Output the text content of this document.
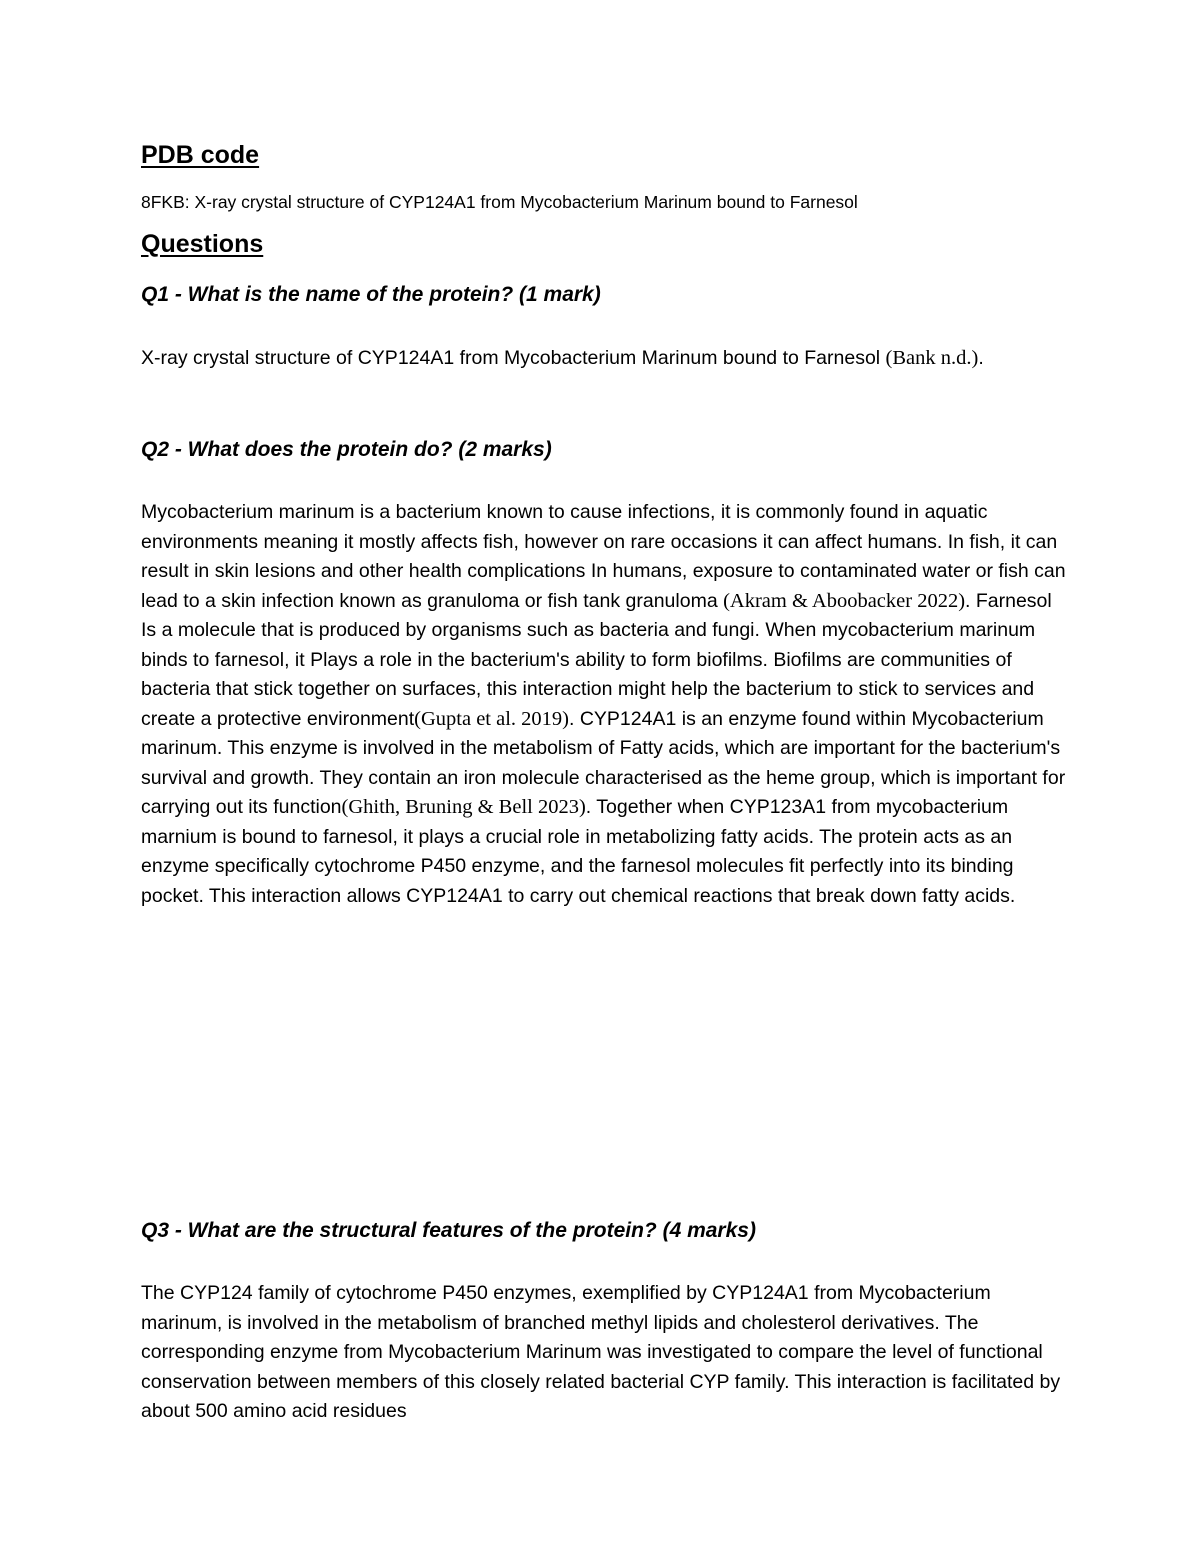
PDB code

8FKB: X-ray crystal structure of CYP124A1 from Mycobacterium Marinum bound to Farnesol

Questions
Q1 - What is the name of the protein? (1 mark)

X-ray crystal structure of CYP124A1 from Mycobacterium Marinum bound to Farnesol (Bank n.d.).

Q2 - What does the protein do? (2 marks)

Mycobacterium marinum is a bacterium known to cause infections, it is commonly found in aquatic environments meaning it mostly affects fish, however on rare occasions it can affect humans. In fish, it can result in skin lesions and other health complications In humans, exposure to contaminated water or fish can lead to a skin infection known as granuloma or fish tank granuloma (Akram & Aboobacker 2022). Farnesol Is a molecule that is produced by organisms such as bacteria and fungi. When mycobacterium marinum binds to farnesol, it Plays a role in the bacterium's ability to form biofilms. Biofilms are communities of bacteria that stick together on surfaces, this interaction might help the bacterium to stick to services and create a protective environment(Gupta et al. 2019). CYP124A1 is an enzyme found within Mycobacterium marinum. This enzyme is involved in the metabolism of Fatty acids, which are important for the bacterium's survival and growth. They contain an iron molecule characterised as the heme group, which is important for carrying out its function(Ghith, Bruning & Bell 2023). Together when CYP123A1 from mycobacterium marnium is bound to farnesol, it plays a crucial role in metabolizing fatty acids. The protein acts as an enzyme specifically cytochrome P450 enzyme, and the farnesol molecules fit perfectly into its binding pocket. This interaction allows CYP124A1 to carry out chemical reactions that break down fatty acids.

Q3 - What are the structural features of the protein? (4 marks)

The CYP124 family of cytochrome P450 enzymes, exemplified by CYP124A1 from Mycobacterium marinum, is involved in the metabolism of branched methyl lipids and cholesterol derivatives. The corresponding enzyme from Mycobacterium Marinum was investigated to compare the level of functional conservation between members of this closely related bacterial CYP family. This interaction is facilitated by about 500 amino acid residues
